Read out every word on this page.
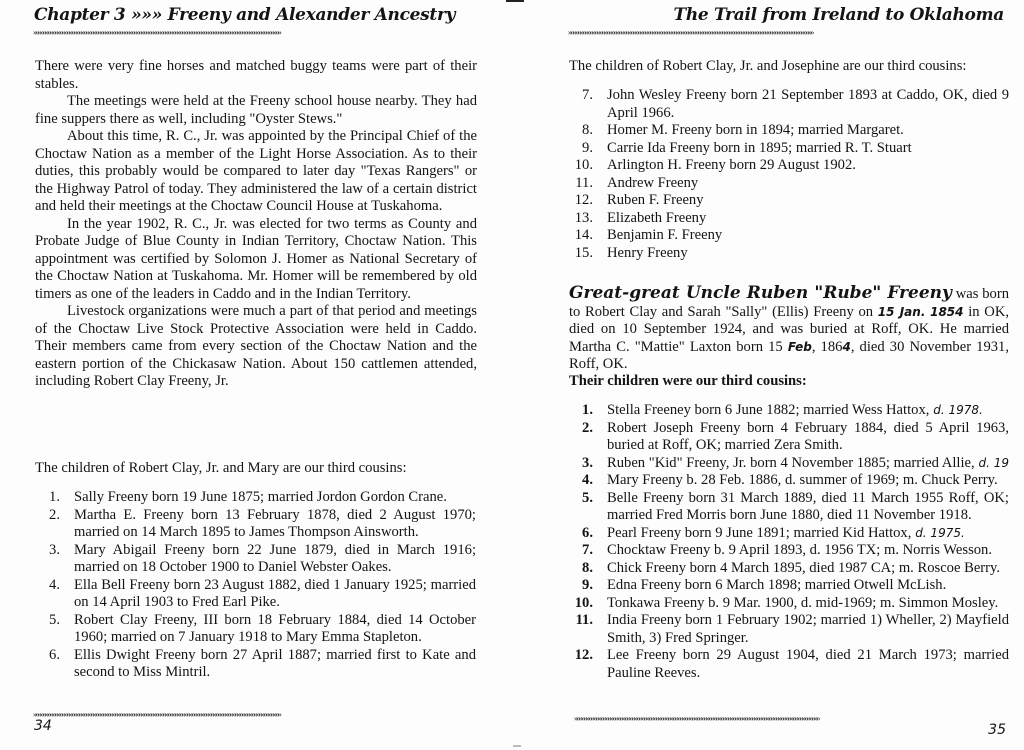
Chapter 3 »»» Freeny and Alexander Ancestry
»»»»»»»»»»»»»»»»»»»»»»»»»»»»»»»»»»»»»»»»»»»»»»»»»»»»»»»»»»»»»»»»»»»»»»»»»»»»»»»»»»»»»»»»»»»»»»»»»»»»»»»

There were very fine horses and matched buggy teams were part of their stables.

The meetings were held at the Freeny school house nearby. They had fine suppers there as well, including "Oyster Stews."

About this time, R. C., Jr. was appointed by the Principal Chief of the Choctaw Nation as a member of the Light Horse Association. As to their duties, this probably would be compared to later day "Texas Rangers" or the Highway Patrol of today. They administered the law of a certain district and held their meetings at the Choctaw Council House at Tuskahoma.

In the year 1902, R. C., Jr. was elected for two terms as County and Probate Judge of Blue County in Indian Territory, Choctaw Nation. This appointment was certified by Solomon J. Homer as National Secretary of the Choctaw Nation at Tuskahoma. Mr. Homer will be remembered by old timers as one of the leaders in Caddo and in the Indian Territory.

Livestock organizations were much a part of that period and meetings of the Choctaw Live Stock Protective Association were held in Caddo. Their members came from every section of the Choctaw Nation and the eastern portion of the Chickasaw Nation. About 150 cattlemen attended, including Robert Clay Freeny, Jr.

The children of Robert Clay, Jr. and Mary are our third cousins:
1. Sally Freeny born 19 June 1875; married Jordon Gordon Crane.
2. Martha E. Freeny born 13 February 1878, died 2 August 1970; married on 14 March 1895 to James Thompson Ainsworth.
3. Mary Abigail Freeny born 22 June 1879, died in March 1916; married on 18 October 1900 to Daniel Webster Oakes.
4. Ella Bell Freeny born 23 August 1882, died 1 January 1925; married on 14 April 1903 to Fred Earl Pike.
5. Robert Clay Freeny, III born 18 February 1884, died 14 October 1960; married on 7 January 1918 to Mary Emma Stapleton.
6. Ellis Dwight Freeny born 27 April 1887; married first to Kate and second to Miss Mintril.
»»»»»»»»»»»»»»»»»»»»»»»»»»»»»»»»»»»»»»»»»»»»»»»»»»»»»»»»»»»»»»»»»»»»»»»»»»»»»»»»»»»»»»»»»»»»»»»»»»»»»»»
34
The Trail from Ireland to Oklahoma
»»»»»»»»»»»»»»»»»»»»»»»»»»»»»»»»»»»»»»»»»»»»»»»»»»»»»»»»»»»»»»»»»»»»»»»»»»»»»»»»»»»»»»»»»»»»»»»»»»»»»»
The children of Robert Clay, Jr. and Josephine are our third cousins:
7. John Wesley Freeny born 21 September 1893 at Caddo, OK, died 9 April 1966.
8. Homer M. Freeny born in 1894; married Margaret.
9. Carrie Ida Freeny born in 1895; married R. T. Stuart
10. Arlington H. Freeny born 29 August 1902.
11. Andrew Freeny
12. Ruben F. Freeny
13. Elizabeth Freeny
14. Benjamin F. Freeny
15. Henry Freeny
Great-great Uncle Ruben "Rube" Freeny was born to Robert Clay and Sarah "Sally" (Ellis) Freeny on 15 Jan. 1854 in OK, died on 10 September 1924, and was buried at Roff, OK. He married Martha C. "Mattie" Laxton born 15 Feb, 1864, died 30 November 1931, Roff, OK.
Their children were our third cousins:
1. Stella Freeney born 6 June 1882; married Wess Hattox, d. 1978.
2. Robert Joseph Freeny born 4 February 1884, died 5 April 1963, buried at Roff, OK; married Zera Smith.
3. Ruben "Kid" Freeny, Jr. born 4 November 1885; married Allie, d. 19
4. Mary Freeny b. 28 Feb. 1886, d. summer of 1969; m. Chuck Perry.
5. Belle Freeny born 31 March 1889, died 11 March 1955 Roff, OK; married Fred Morris born June 1880, died 11 November 1918.
6. Pearl Freeny born 9 June 1891; married Kid Hattox, d. 1975.
7. Chocktaw Freeny b. 9 April 1893, d. 1956 TX; m. Norris Wesson.
8. Chick Freeny born 4 March 1895, died 1987 CA; m. Roscoe Berry.
9. Edna Freeny born 6 March 1898; married Otwell McLish.
10. Tonkawa Freeny b. 9 Mar. 1900, d. mid-1969; m. Simmon Mosley.
11. India Freeny born 1 February 1902; married 1) Wheller, 2) Mayfield Smith, 3) Fred Springer.
12. Lee Freeny born 29 August 1904, died 21 March 1973; married Pauline Reeves.
»»»»»»»»»»»»»»»»»»»»»»»»»»»»»»»»»»»»»»»»»»»»»»»»»»»»»»»»»»»»»»»»»»»»»»»»»»»»»»»»»»»»»»»»»»»»»»»»»»»»»»
35
